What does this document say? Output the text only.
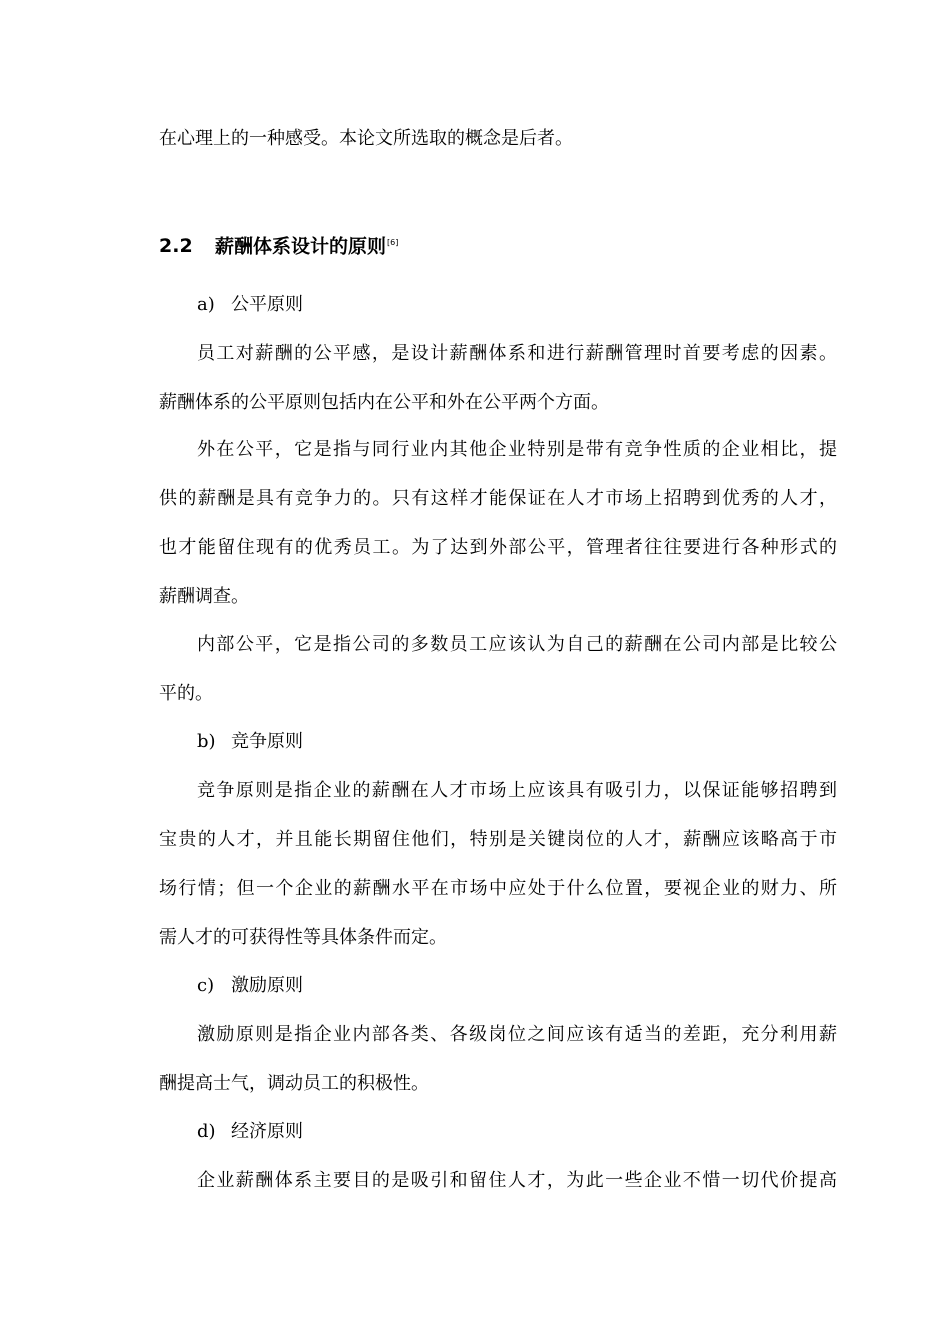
在心理上的一种感受。本论文所选取的概念是后者。
2.2 薪酬体系设计的原则[6]
a) 公平原则
员工对薪酬的公平感，是设计薪酬体系和进行薪酬管理时首要考虑的因素。
薪酬体系的公平原则包括内在公平和外在公平两个方面。
外在公平，它是指与同行业内其他企业特别是带有竞争性质的企业相比，提
供的薪酬是具有竞争力的。只有这样才能保证在人才市场上招聘到优秀的人才，
也才能留住现有的优秀员工。为了达到外部公平，管理者往往要进行各种形式的
薪酬调查。
内部公平，它是指公司的多数员工应该认为自己的薪酬在公司内部是比较公
平的。
b) 竞争原则
竞争原则是指企业的薪酬在人才市场上应该具有吸引力，以保证能够招聘到
宝贵的人才，并且能长期留住他们，特别是关键岗位的人才，薪酬应该略高于市
场行情；但一个企业的薪酬水平在市场中应处于什么位置，要视企业的财力、所
需人才的可获得性等具体条件而定。
c) 激励原则
激励原则是指企业内部各类、各级岗位之间应该有适当的差距，充分利用薪
酬提高士气，调动员工的积极性。
d) 经济原则
企业薪酬体系主要目的是吸引和留住人才，为此一些企业不惜一切代价提高
